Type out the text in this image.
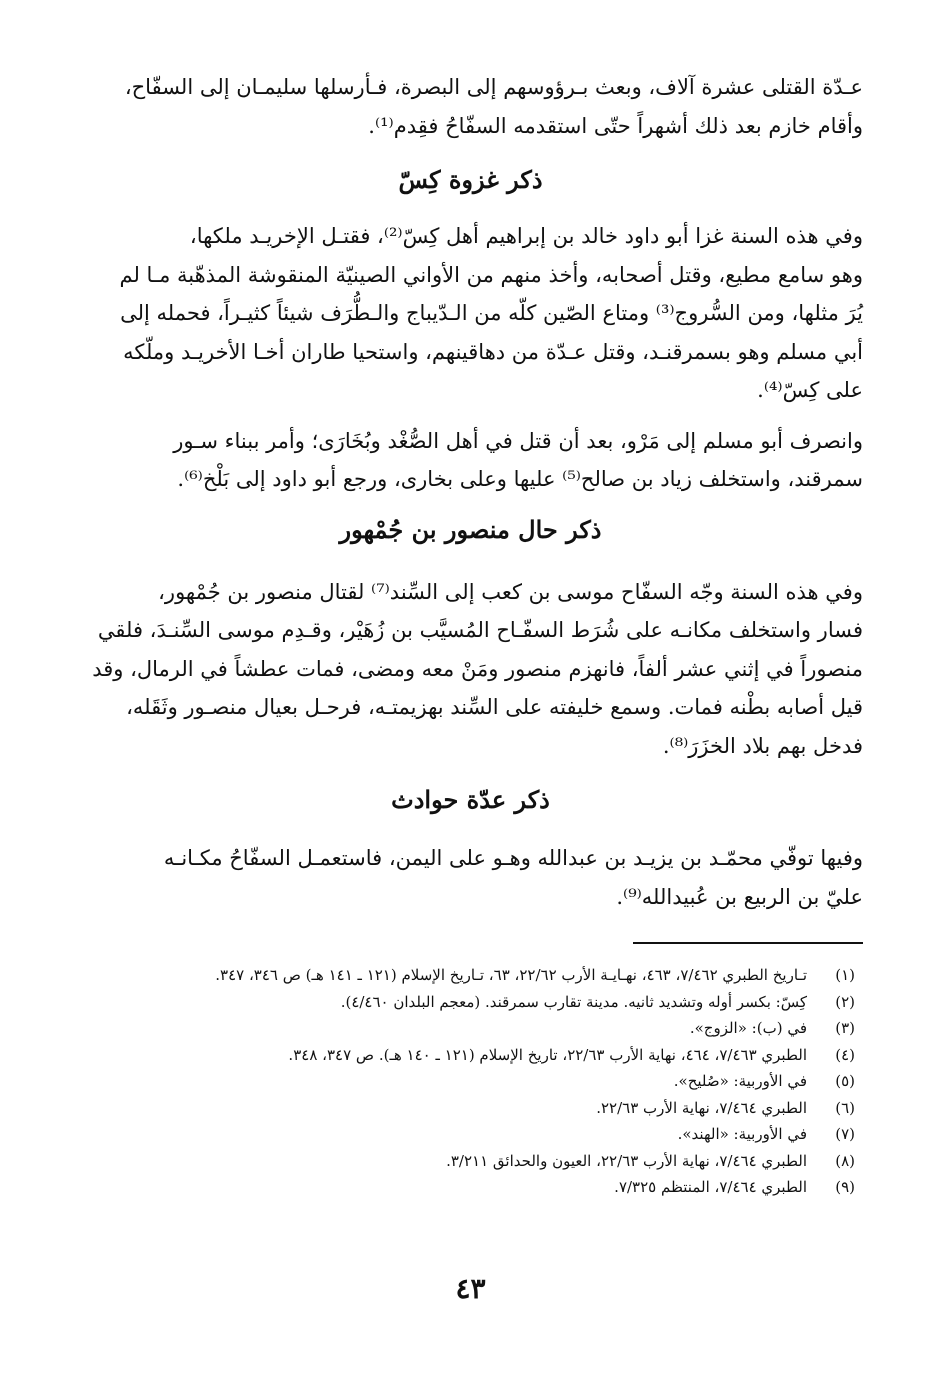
عـدّة القتلى عشرة آلاف، وبعث بـرؤوسهم إلى البصرة، فـأرسلها سليمـان إلى السفّاح،
وأقام خازم بعد ذلك أشهراً حتّى استقدمه السفّاحُ فقِدم⁽¹⁾.

ذكر غزوة كِسّ

وفي هذه السنة غزا أبو داود خالد بن إبراهيم أهل كِسّ⁽²⁾، فقتـل الإخريـد ملكها،
وهو سامع مطيع، وقتل أصحابه، وأخذ منهم من الأواني الصينيّة المنقوشة المذهّبة مـا لم
يُرَ مثلها، ومن السُّروج⁽³⁾ ومتاع الصّين كلّه من الـدّيباج والـطُّرَف شيئاً كثيـراً، فحمله إلى
أبي مسلم وهو بسمرقنـد، وقتل عـدّة من دهاقينهم، واستحيا طاران أخـا الأخريـد وملّكه
على كِسّ⁽⁴⁾.

وانصرف أبو مسلم إلى مَرْو، بعد أن قتل في أهل الصُّغْد وبُخَارَى؛ وأمر ببناء سـور
سمرقند، واستخلف زياد بن صالح⁽⁵⁾ عليها وعلى بخارى، ورجع أبو داود إلى بَلْخ⁽⁶⁾.

ذكر حال منصور بن جُمْهور

وفي هذه السنة وجّه السفّاح موسى بن كعب إلى السِّند⁽⁷⁾ لقتال منصور بن جُمْهور،
فسار واستخلف مكانـه على شُرَط السفّـاح المُسيَّب بن زُهَيْر، وقـدِم موسى السِّنـدَ، فلقي
منصوراً في إثني عشر ألفاً، فانهزم منصور ومَنْ معه ومضى، فمات عطشاً في الرمال، وقد
قيل أصابه بطْنه فمات. وسمع خليفته على السِّند بهزيمتـه، فرحـل بعيال منصـور وثَقَله،
فدخل بهم بلاد الخزَرَ⁽⁸⁾.

ذكر عدّة حوادث

وفيها توفّي محمّـد بن يزيـد بن عبدالله وهـو على اليمن، فاستعمـل السفّاحُ مكـانـه
عليّ بن الربيع بن عُبيدالله⁽⁹⁾.

(١)
تـاريخ الطبري ٧/٤٦٢، ٤٦٣، نهـايـة الأرب ٢٢/٦٢، ٦٣، تـاريخ الإسلام (١٢١ ـ ١٤١ هـ) ص ٣٤٦، ٣٤٧.
(٢)
كِسّ: بكسر أوله وتشديد ثانيه. مدينة تقارب سمرقند. (معجم البلدان ٤/٤٦٠).
(٣)
في (ب): «الزوج».
(٤)
الطبري ٧/٤٦٣، ٤٦٤، نهاية الأرب ٢٢/٦٣، تاريخ الإسلام (١٢١ ـ ١٤٠ هـ). ص ٣٤٧، ٣٤٨.
(٥)
في الأوربية: «صُليح».
(٦)
الطبري ٧/٤٦٤، نهاية الأرب ٢٢/٦٣.
(٧)
في الأوربية: «الهند».
(٨)
الطبري ٧/٤٦٤، نهاية الأرب ٢٢/٦٣، العيون والحدائق ٣/٢١١.
(٩)
الطبري ٧/٤٦٤، المنتظم ٧/٣٢٥.
٤٣
